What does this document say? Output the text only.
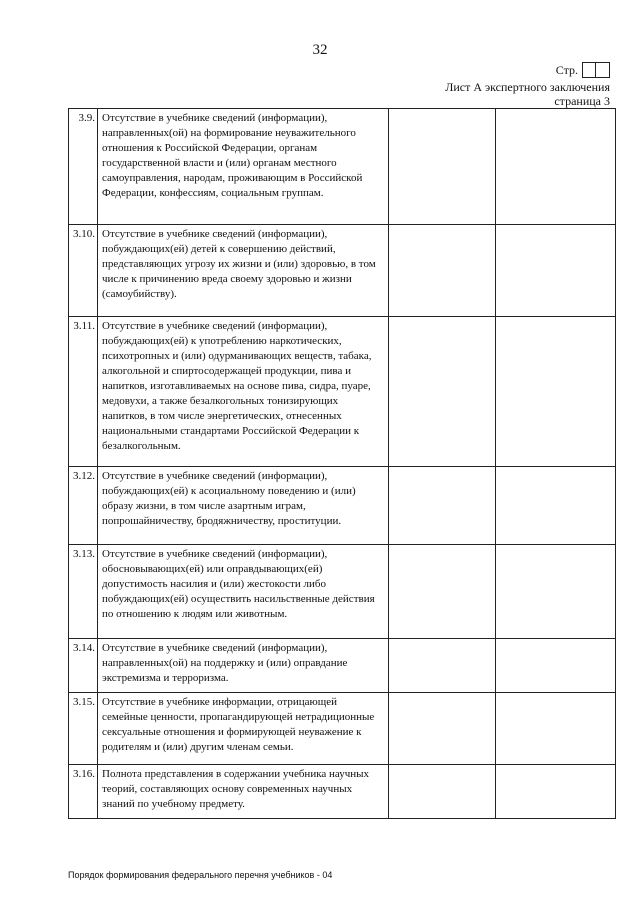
32
Стр.
Лист А экспертного заключения
страница 3
3.9.	Отсутствие в учебнике сведений (информации), направленных(ой) на формирование неуважительного отношения к Российской Федерации, органам государственной власти и (или) органам местного самоуправления, народам, проживающим в Российской Федерации, конфессиям, социальным группам.		
3.10.	Отсутствие в учебнике сведений (информации), побуждающих(ей) детей к совершению действий, представляющих угрозу их жизни и (или) здоровью, в том числе к причинению вреда своему здоровью и жизни (самоубийству).		
3.11.	Отсутствие в учебнике сведений (информации), побуждающих(ей) к употреблению наркотических, психотропных и (или) одурманивающих веществ, табака, алкогольной и спиртосодержащей продукции, пива и напитков, изготавливаемых на основе пива, сидра, пуаре, медовухи, а также безалкогольных тонизирующих напитков, в том числе энергетических, отнесенных национальными стандартами Российской Федерации к безалкогольным.		
3.12.	Отсутствие в учебнике сведений (информации), побуждающих(ей) к асоциальному поведению и (или) образу жизни, в том числе азартным играм, попрошайничеству, бродяжничеству, проституции.		
3.13.	Отсутствие в учебнике сведений (информации), обосновывающих(ей) или оправдывающих(ей) допустимость насилия и (или) жестокости либо побуждающих(ей) осуществить насильственные действия по отношению к людям или животным.		
3.14.	Отсутствие в учебнике сведений (информации), направленных(ой) на поддержку и (или) оправдание экстремизма и терроризма.		
3.15.	Отсутствие в учебнике информации, отрицающей семейные ценности, пропагандирующей нетрадиционные сексуальные отношения и формирующей неуважение к родителям и (или) другим членам семьи.		
3.16.	Полнота представления в содержании учебника научных теорий, составляющих основу современных научных знаний по учебному предмету.		
Порядок формирования федерального перечня учебников - 04
